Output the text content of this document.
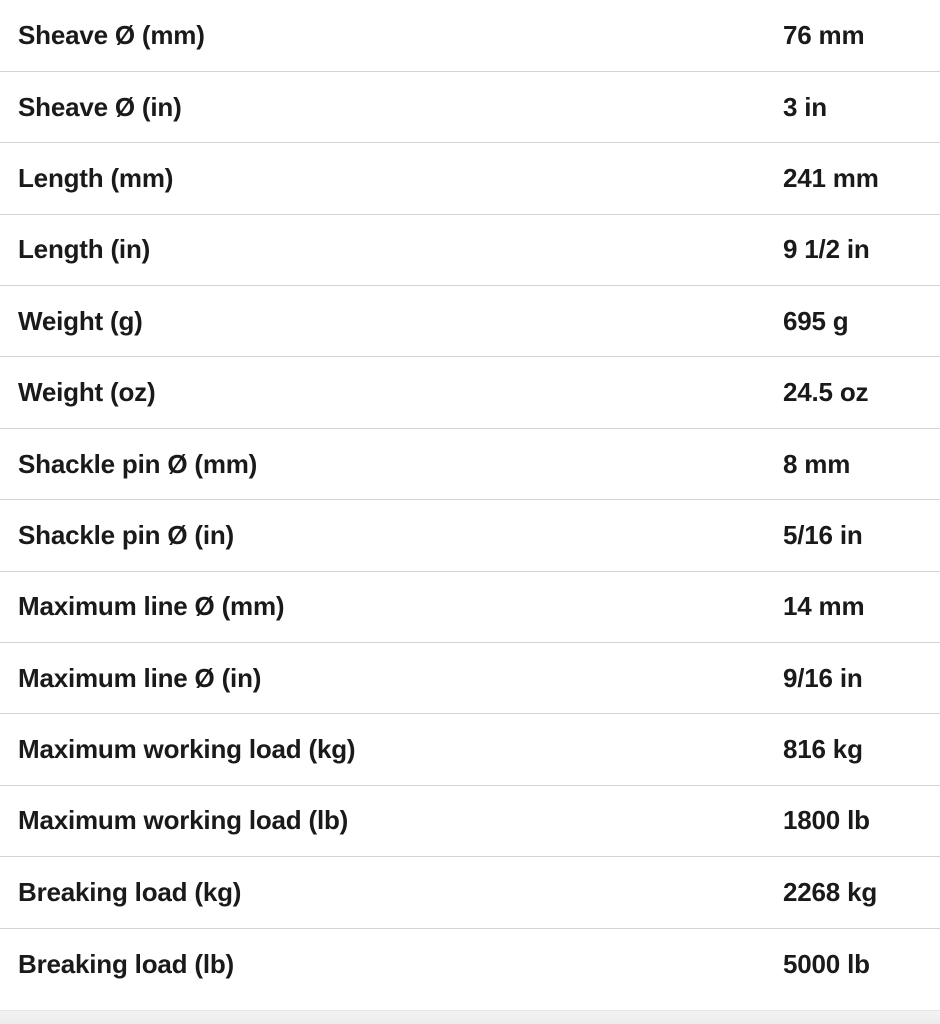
Sheave Ø (mm)	76 mm
Sheave Ø (in)	3 in
Length (mm)	241 mm
Length (in)	9 1/2 in
Weight (g)	695 g
Weight (oz)	24.5 oz
Shackle pin Ø (mm)	8 mm
Shackle pin Ø (in)	5/16 in
Maximum line Ø (mm)	14 mm
Maximum line Ø (in)	9/16 in
Maximum working load (kg)	816 kg
Maximum working load (lb)	1800 lb
Breaking load (kg)	2268 kg
Breaking load (lb)	5000 lb
